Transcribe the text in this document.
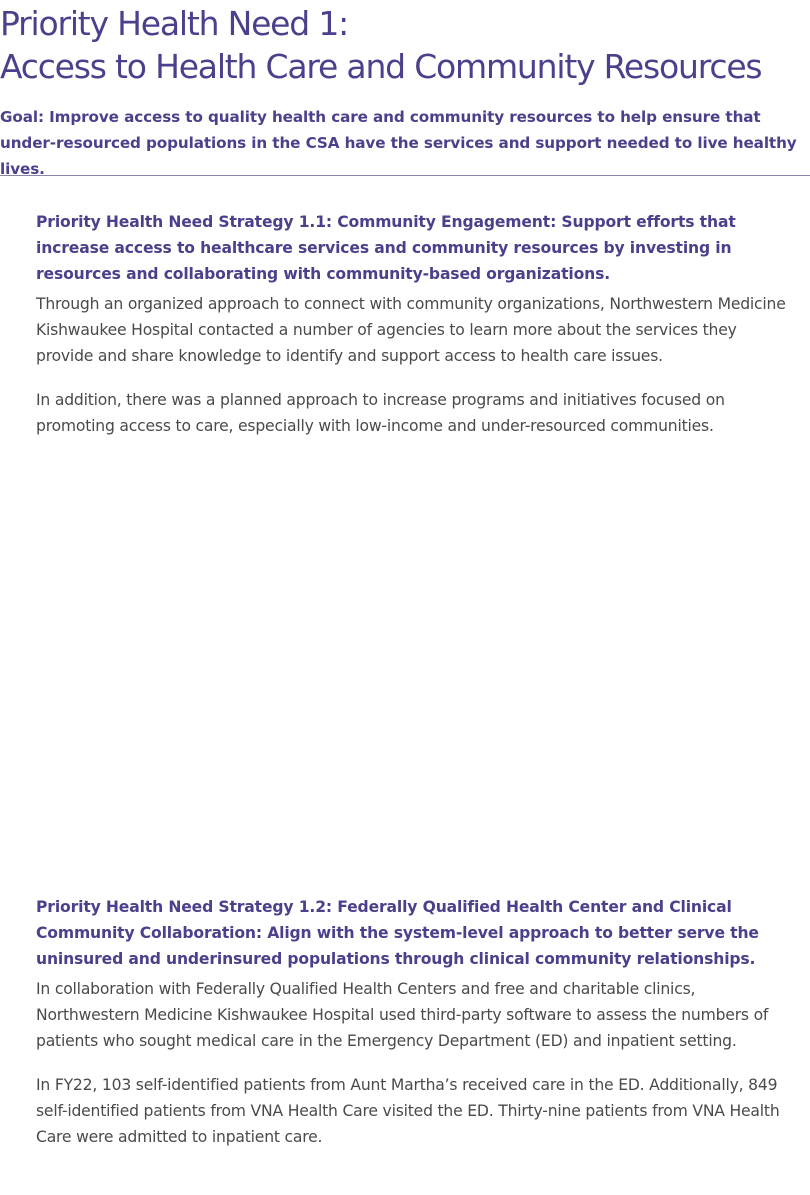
Priority Health Need 1:
Access to Health Care and Community Resources

Goal: Improve access to quality health care and community resources to help ensure that under-resourced populations in the CSA have the services and support needed to live healthy lives.

Priority Health Need Strategy 1.1: Community Engagement: Support efforts that increase access to healthcare services and community resources by investing in resources and collaborating with community-based organizations.

Through an organized approach to connect with community organizations, Northwestern Medicine Kishwaukee Hospital contacted a number of agencies to learn more about the services they provide and share knowledge to identify and support access to health care issues.

In addition, there was a planned approach to increase programs and initiatives focused on promoting access to care, especially with low-income and under-resourced communities.

Priority Health Need Strategy 1.2: Federally Qualified Health Center and Clinical Community Collaboration: Align with the system-level approach to better serve the uninsured and underinsured populations through clinical community relationships.

In collaboration with Federally Qualified Health Centers and free and charitable clinics, Northwestern Medicine Kishwaukee Hospital used third-party software to assess the numbers of patients who sought medical care in the Emergency Department (ED) and inpatient setting.

In FY22, 103 self-identified patients from Aunt Martha’s received care in the ED. Additionally, 849 self-identified patients from VNA Health Care visited the ED. Thirty-nine patients from VNA Health Care were admitted to inpatient care.
